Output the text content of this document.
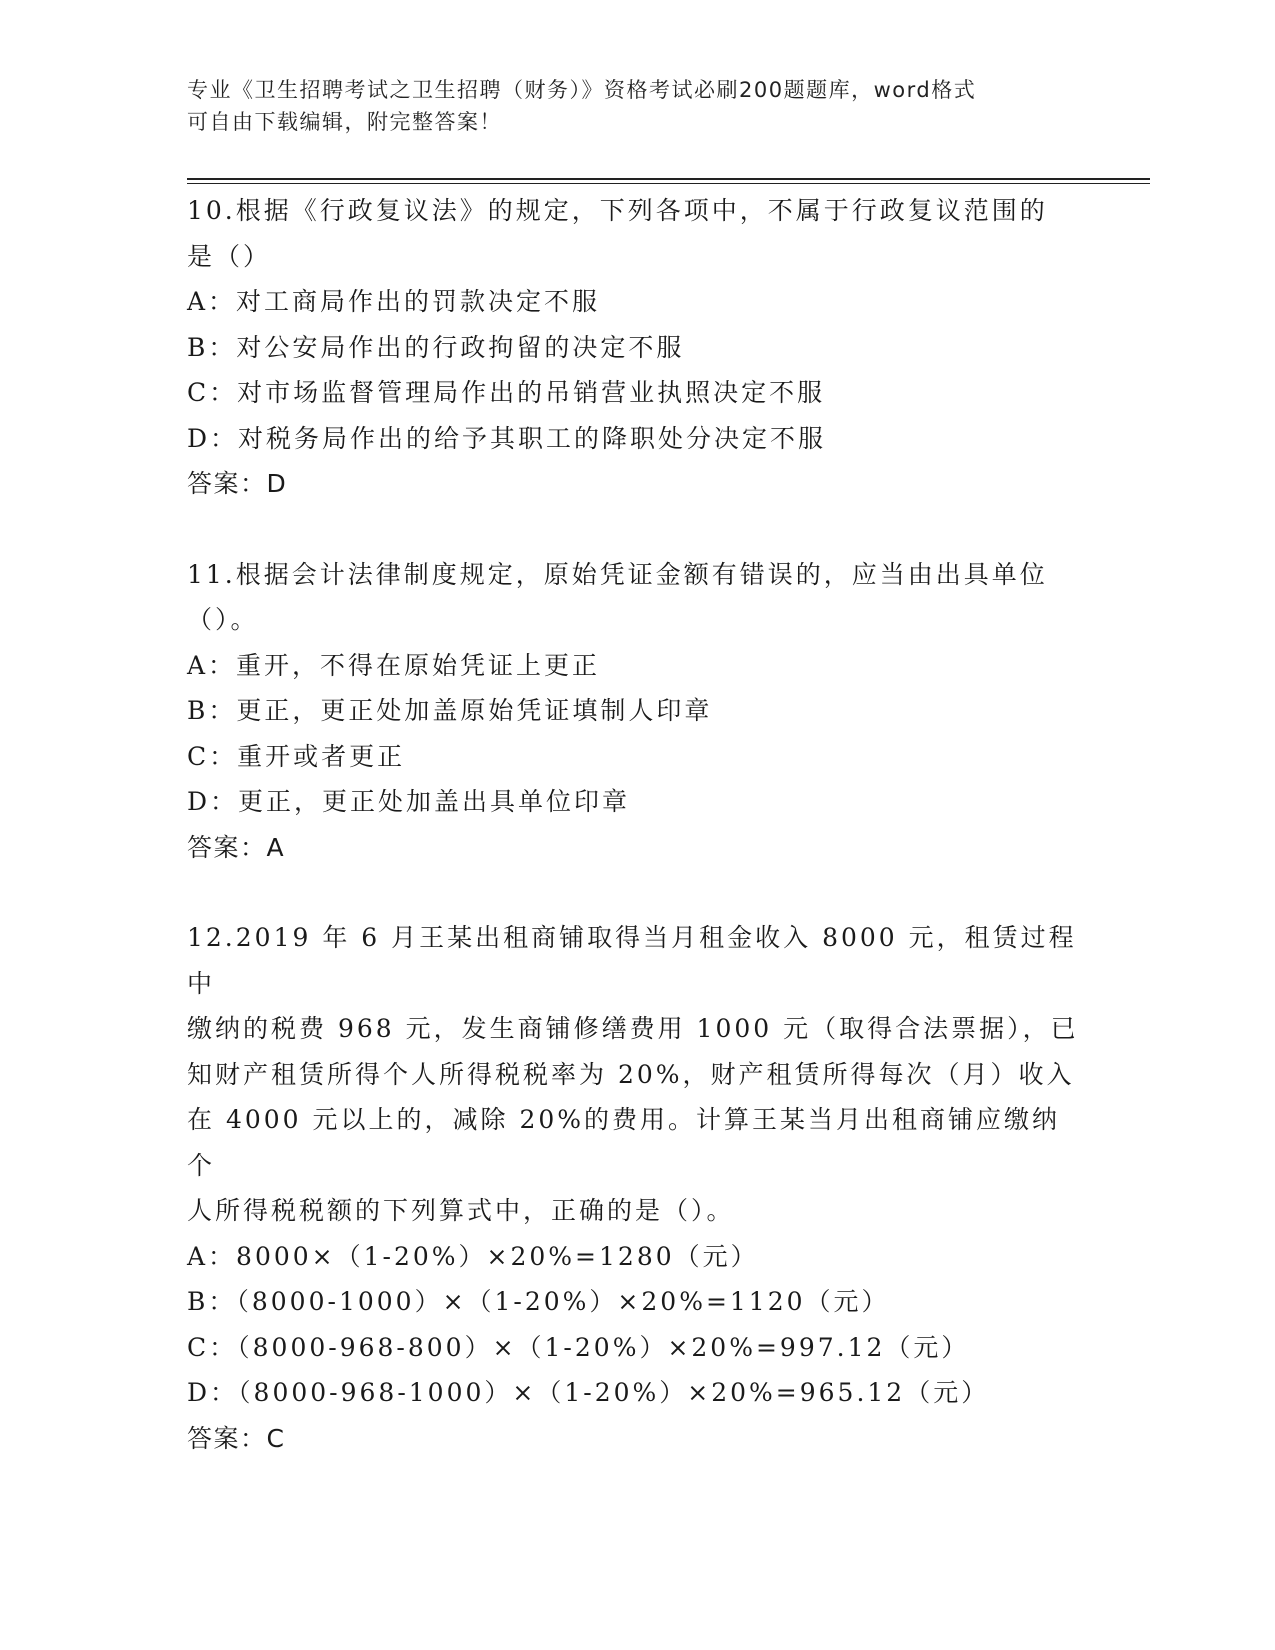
专业《卫生招聘考试之卫生招聘（财务）》资格考试必刷200题题库，word格式
可自由下载编辑，附完整答案！

10.根据《行政复议法》的规定，下列各项中，不属于行政复议范围的

是（）

A：对工商局作出的罚款决定不服

B：对公安局作出的行政拘留的决定不服

C：对市场监督管理局作出的吊销营业执照决定不服

D：对税务局作出的给予其职工的降职处分决定不服

答案：D

11.根据会计法律制度规定，原始凭证金额有错误的，应当由出具单位

（）。

A：重开，不得在原始凭证上更正

B：更正，更正处加盖原始凭证填制人印章

C：重开或者更正

D：更正，更正处加盖出具单位印章

答案：A

12.2019 年 6 月王某出租商铺取得当月租金收入 8000 元，租赁过程中

缴纳的税费 968 元，发生商铺修缮费用 1000 元（取得合法票据），已

知财产租赁所得个人所得税税率为 20%，财产租赁所得每次（月）收入

在 4000 元以上的，减除 20%的费用。计算王某当月出租商铺应缴纳个

人所得税税额的下列算式中，正确的是（）。

A：8000×（1-20%）×20%=1280（元）

B：（8000-1000）×（1-20%）×20%=1120（元）

C：（8000-968-800）×（1-20%）×20%=997.12（元）

D：（8000-968-1000）×（1-20%）×20%=965.12（元）

答案：C
